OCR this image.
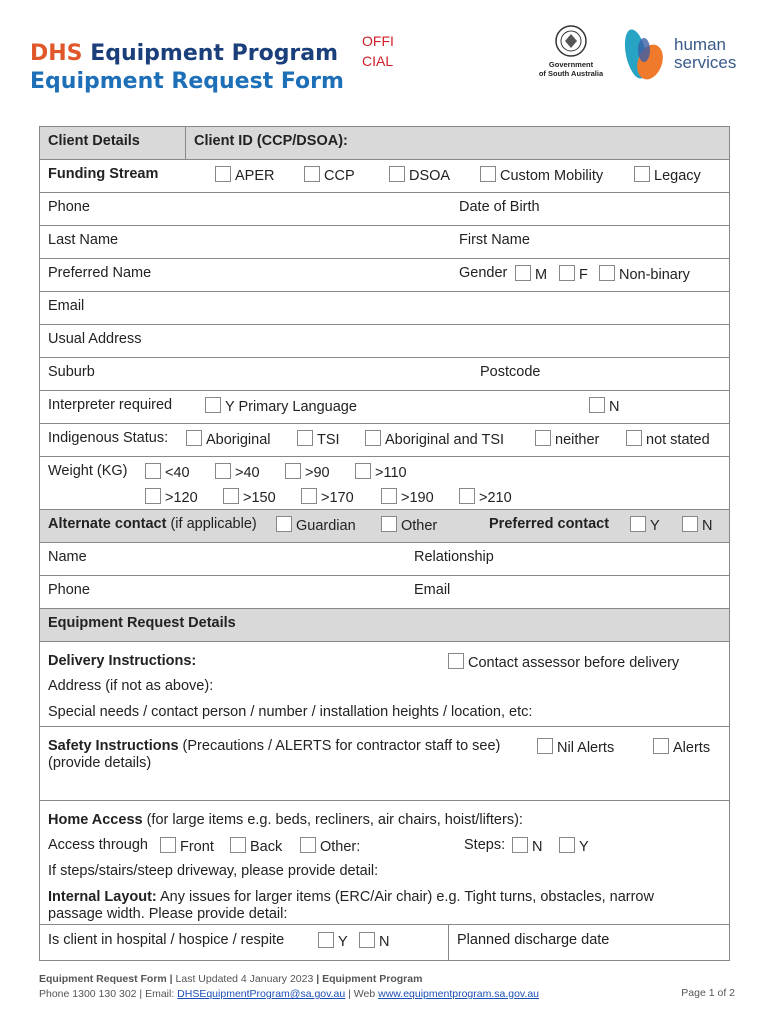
DHS Equipment Program
Equipment Request Form
OFFI
CIAL	Government
of South Australia
human
services
Client Details	Client ID (CCP/DSOA):

Funding Stream	APER	CCP	DSOA	Custom Mobility	Legacy

Phone	Date of Birth

Last Name	First Name

Preferred Name	Gender	M	F	Non-binary

Email
Usual Address

Suburb	Postcode

Interpreter required	Y Primary Language	N

Indigenous Status:	Aboriginal	TSI	Aboriginal and TSI	neither	not stated

Weight (KG)	<40	>40	>90	>110
>120	>150	>170	>190	>210

Alternate contact (if applicable)	Guardian	Other	Preferred contact	Y	N

Name	Relationship

Phone	Email

Equipment Request Details

Delivery Instructions:	Contact assessor before delivery
Address (if not as above):
Special needs / contact person / number / installation heights / location, etc:

Safety Instructions (Precautions / ALERTS for contractor staff to see)
(provide details)
Nil Alerts	Alerts

Home Access (for large items e.g. beds, recliners, air chairs, hoist/lifters):
Access through	Front	Back	Other:	Steps:	N	Y
If steps/stairs/steep driveway, please provide detail:
Internal Layout: Any issues for larger items (ERC/Air chair) e.g. Tight turns, obstacles, narrow
passage width. Please provide detail:

Is client in hospital / hospice / respite	Y	N	Planned discharge date
Equipment Request Form | Last Updated 4 January 2023 | Equipment Program
Phone 1300 130 302 | Email: DHSEquipmentProgram@sa.gov.au | Web www.equipmentprogram.sa.gov.au	Page 1 of 2
